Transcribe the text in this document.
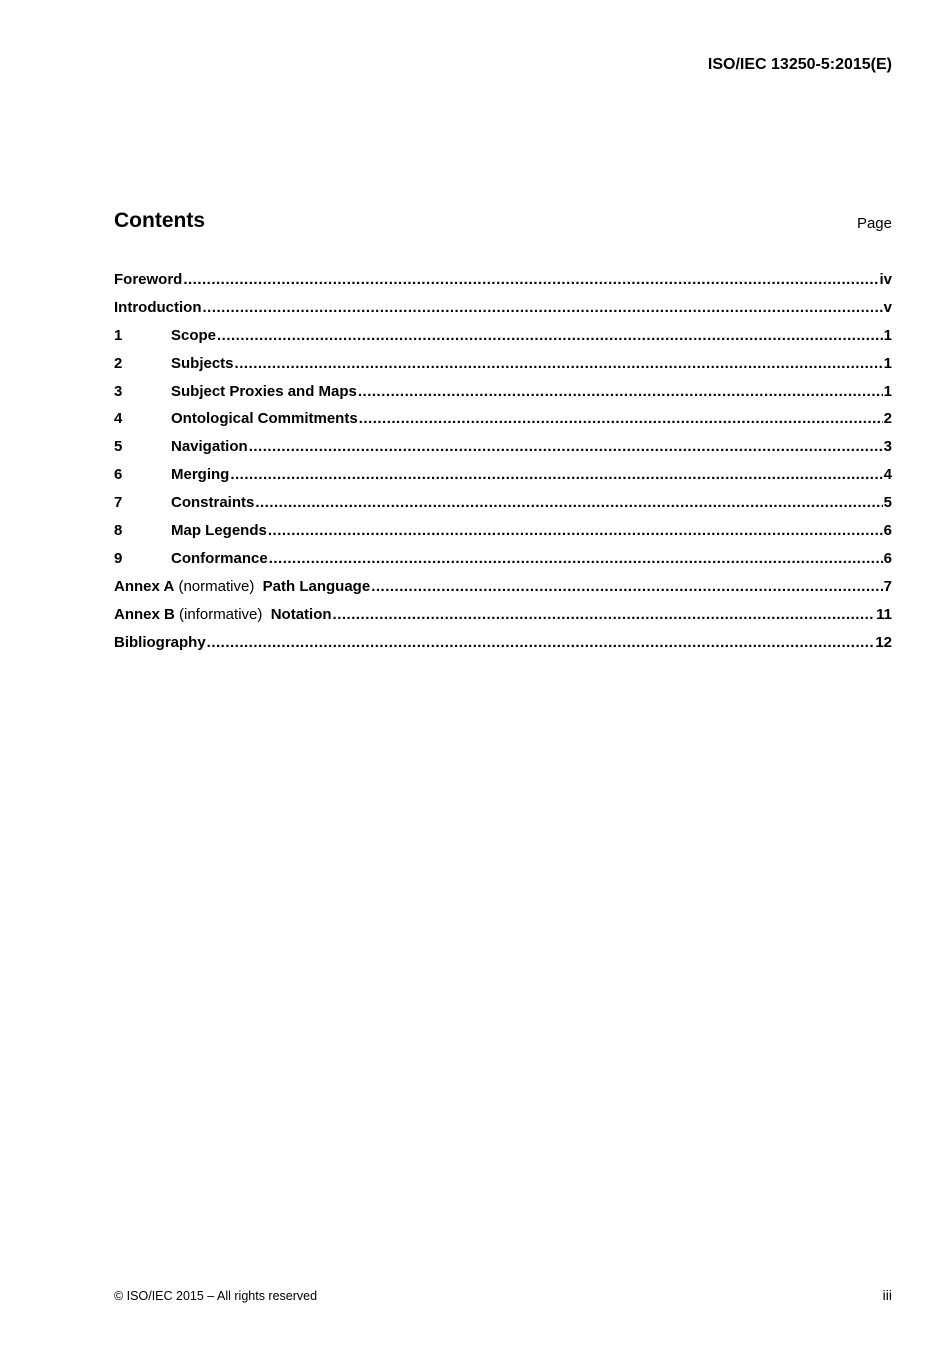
ISO/IEC 13250-5:2015(E)
Contents	Page
Foreword .....	iv
Introduction .....	v
1	Scope .....	1
2	Subjects .....	1
3	Subject Proxies and Maps .....	1
4	Ontological Commitments .....	2
5	Navigation .....	3
6	Merging .....	4
7	Constraints .....	5
8	Map Legends .....	6
9	Conformance .....	6
Annex A (normative) Path Language .....	7
Annex B (informative) Notation .....	11
Bibliography .....	12
© ISO/IEC 2015 – All rights reserved	iii
